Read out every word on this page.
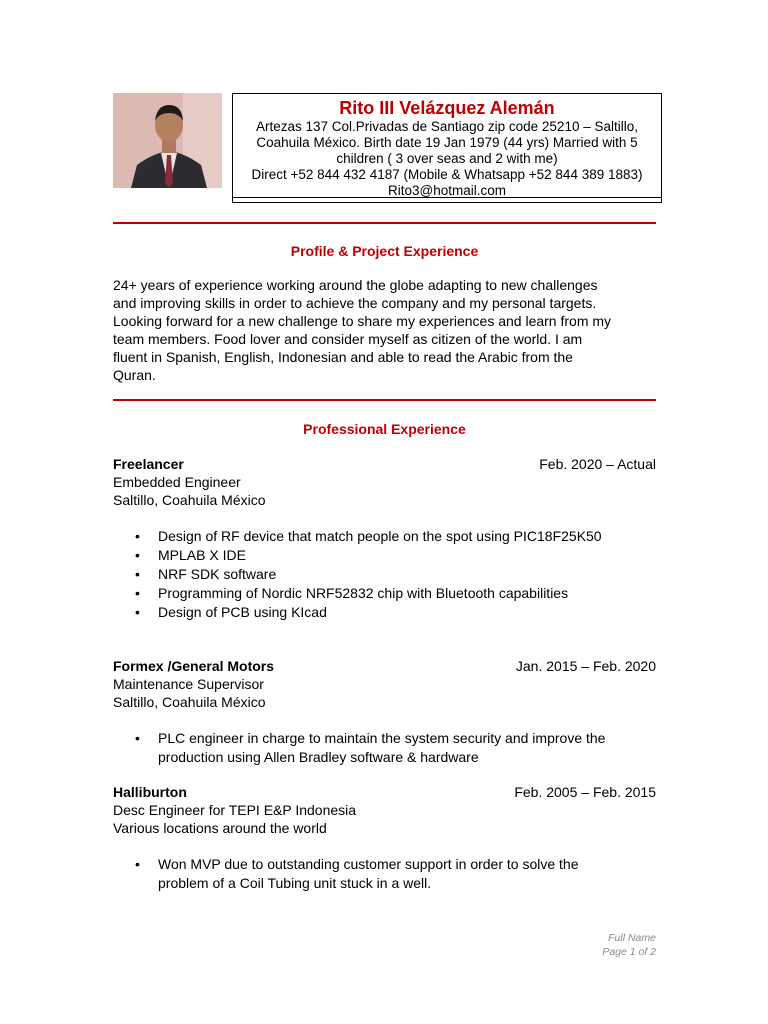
Rito III Velázquez Alemán
Artezas 137 Col.Privadas de Santiago zip code 25210 – Saltillo,
Coahuila México. Birth date 19 Jan 1979 (44 yrs) Married with 5
children ( 3 over seas and 2 with me)
Direct +52 844 432 4187 (Mobile & Whatsapp +52 844 389 1883)
Rito3@hotmail.com
Profile & Project Experience
24+ years of experience working around the globe adapting to new challenges
and improving skills in order to achieve the company and my personal targets.
Looking forward for a new challenge to share my experiences and learn from my
team members. Food lover and consider myself as citizen of the world. I am
fluent in Spanish, English, Indonesian and able to read the Arabic from the
Quran.
Professional Experience
Freelancer	Feb. 2020 – Actual
Embedded Engineer
Saltillo, Coahuila México
• Design of RF device that match people on the spot using PIC18F25K50
• MPLAB X IDE
• NRF SDK software
• Programming of Nordic NRF52832 chip with Bluetooth capabilities
• Design of PCB using KIcad
Formex /General Motors	Jan. 2015 – Feb. 2020
Maintenance Supervisor
Saltillo, Coahuila México
• PLC engineer in charge to maintain the system security and improve the
production using Allen Bradley software & hardware
Halliburton	Feb. 2005 – Feb. 2015
Desc Engineer for TEPI E&P Indonesia
Various locations around the world
• Won MVP due to outstanding customer support in order to solve the
problem of a Coil Tubing unit stuck in a well.
Full Name
Page 1 of 2
